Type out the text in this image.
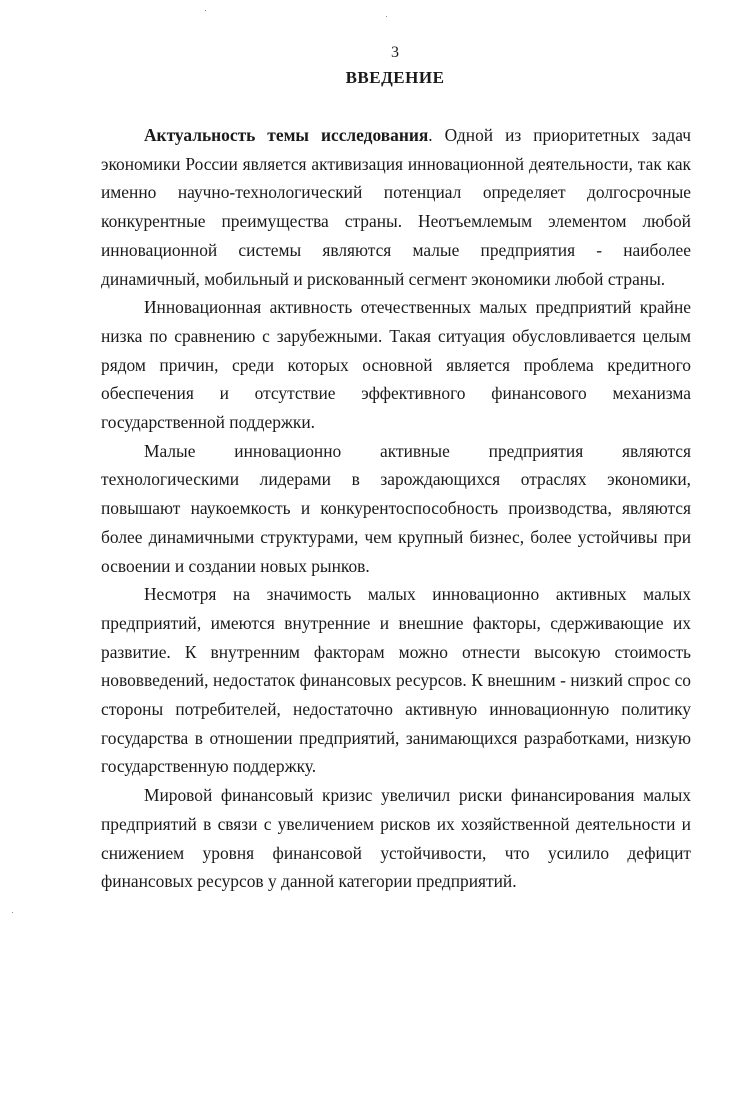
3
ВВЕДЕНИЕ

Актуальность темы исследования. Одной из приоритетных задач экономики России является активизация инновационной деятельности, так как именно научно-технологический потенциал определяет долгосрочные конкурентные преимущества страны. Неотъемлемым элементом любой инновационной системы являются малые предприятия - наиболее динамичный, мобильный и рискованный сегмент экономики любой страны.

Инновационная активность отечественных малых предприятий крайне низка по сравнению с зарубежными. Такая ситуация обусловливается целым рядом причин, среди которых основной является проблема кредитного обеспечения и отсутствие эффективного финансового механизма государственной поддержки.

Малые инновационно активные предприятия являются технологическими лидерами в зарождающихся отраслях экономики, повышают наукоемкость и конкурентоспособность производства, являются более динамичными структурами, чем крупный бизнес, более устойчивы при освоении и создании новых рынков.

Несмотря на значимость малых инновационно активных малых предприятий, имеются внутренние и внешние факторы, сдерживающие их развитие. К внутренним факторам можно отнести высокую стоимость нововведений, недостаток финансовых ресурсов. К внешним - низкий спрос со стороны потребителей, недостаточно активную инновационную политику государства в отношении предприятий, занимающихся разработками, низкую государственную поддержку.

Мировой финансовый кризис увеличил риски финансирования малых предприятий в связи с увеличением рисков их хозяйственной деятельности и снижением уровня финансовой устойчивости, что усилило дефицит финансовых ресурсов у данной категории предприятий.
